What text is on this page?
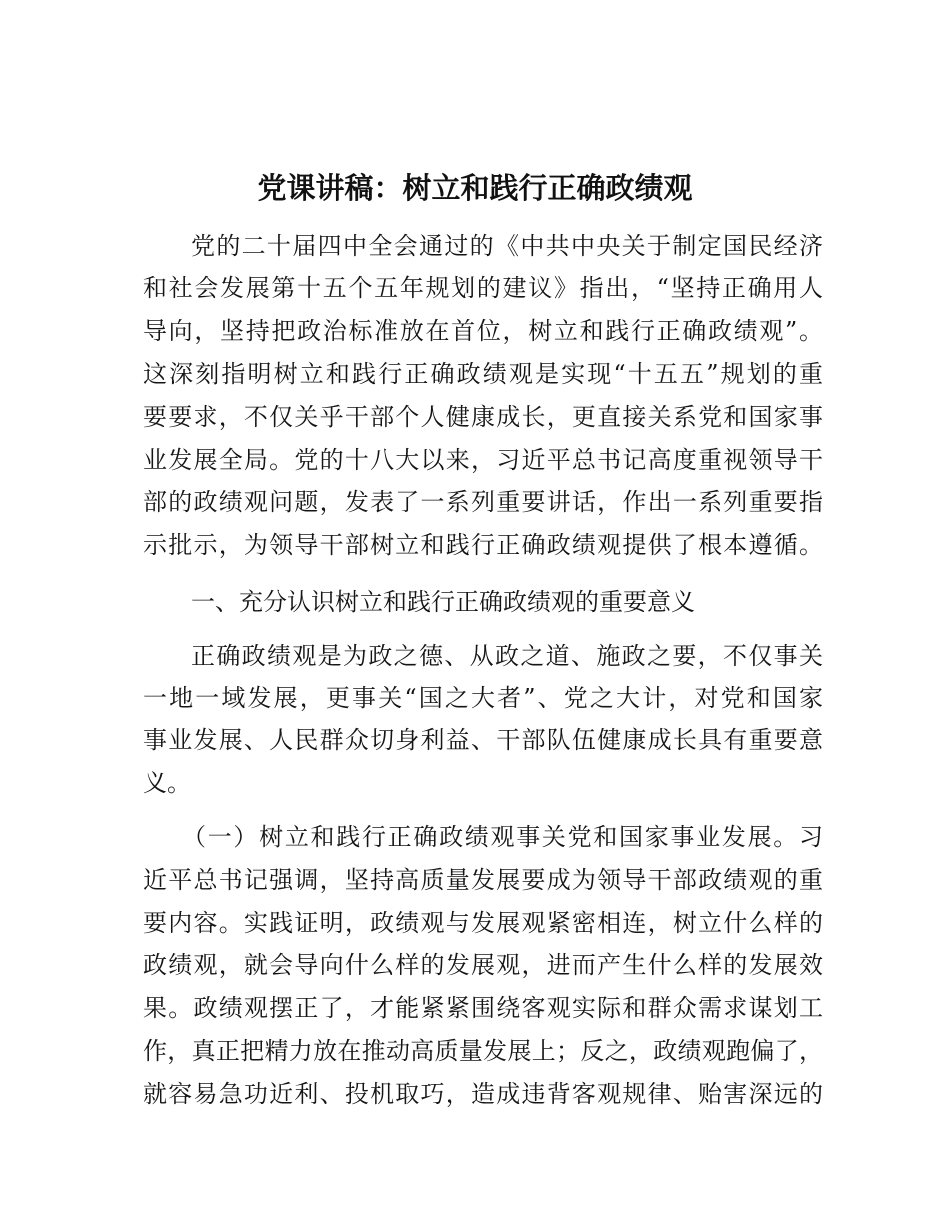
党课讲稿：树立和践行正确政绩观

党的二十届四中全会通过的《中共中央关于制定国民经济

和社会发展第十五个五年规划的建议》指出，“坚持正确用人

导向，坚持把政治标准放在首位，树立和践行正确政绩观”。

这深刻指明树立和践行正确政绩观是实现“十五五”规划的重

要要求，不仅关乎干部个人健康成长，更直接关系党和国家事

业发展全局。党的十八大以来，习近平总书记高度重视领导干

部的政绩观问题，发表了一系列重要讲话，作出一系列重要指

示批示，为领导干部树立和践行正确政绩观提供了根本遵循。

一、充分认识树立和践行正确政绩观的重要意义

正确政绩观是为政之德、从政之道、施政之要，不仅事关

一地一域发展，更事关“国之大者”、党之大计，对党和国家

事业发展、人民群众切身利益、干部队伍健康成长具有重要意

义。

（一）树立和践行正确政绩观事关党和国家事业发展。习

近平总书记强调，坚持高质量发展要成为领导干部政绩观的重

要内容。实践证明，政绩观与发展观紧密相连，树立什么样的

政绩观，就会导向什么样的发展观，进而产生什么样的发展效

果。政绩观摆正了，才能紧紧围绕客观实际和群众需求谋划工

作，真正把精力放在推动高质量发展上；反之，政绩观跑偏了，

就容易急功近利、投机取巧，造成违背客观规律、贻害深远的
